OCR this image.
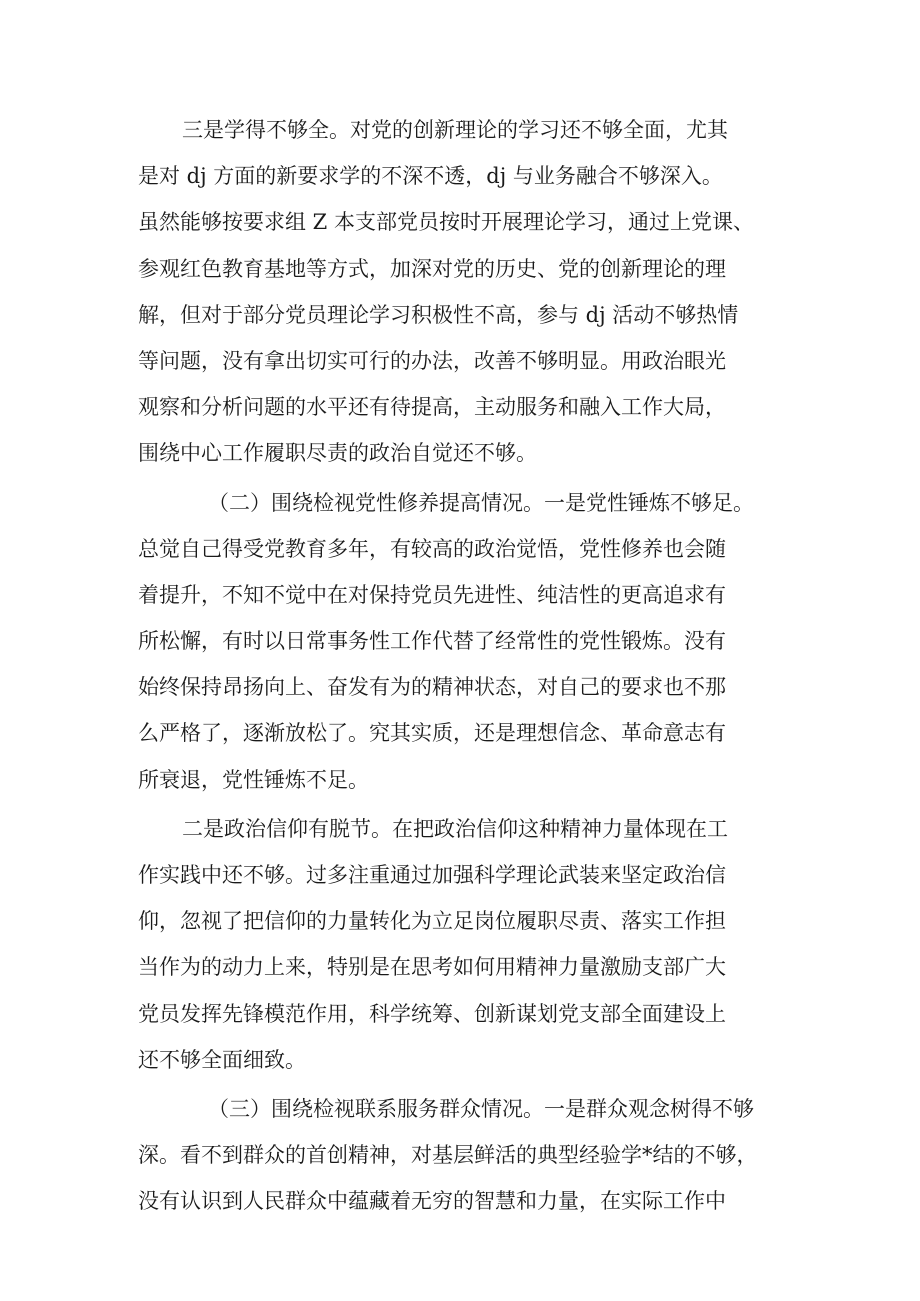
三是学得不够全。对党的创新理论的学习还不够全面，尤其
是对 dj 方面的新要求学的不深不透，dj 与业务融合不够深入。
虽然能够按要求组 Z 本支部党员按时开展理论学习，通过上党课、
参观红色教育基地等方式，加深对党的历史、党的创新理论的理
解，但对于部分党员理论学习积极性不高，参与 dj 活动不够热情
等问题，没有拿出切实可行的办法，改善不够明显。用政治眼光
观察和分析问题的水平还有待提高，主动服务和融入工作大局，
围绕中心工作履职尽责的政治自觉还不够。
（二）围绕检视党性修养提高情况。一是党性锤炼不够足。
总觉自己得受党教育多年，有较高的政治觉悟，党性修养也会随
着提升，不知不觉中在对保持党员先进性、纯洁性的更高追求有
所松懈，有时以日常事务性工作代替了经常性的党性锻炼。没有
始终保持昂扬向上、奋发有为的精神状态，对自己的要求也不那
么严格了，逐渐放松了。究其实质，还是理想信念、革命意志有
所衰退，党性锤炼不足。
二是政治信仰有脱节。在把政治信仰这种精神力量体现在工
作实践中还不够。过多注重通过加强科学理论武装来坚定政治信
仰，忽视了把信仰的力量转化为立足岗位履职尽责、落实工作担
当作为的动力上来，特别是在思考如何用精神力量激励支部广大
党员发挥先锋模范作用，科学统筹、创新谋划党支部全面建设上
还不够全面细致。
（三）围绕检视联系服务群众情况。一是群众观念树得不够
深。看不到群众的首创精神，对基层鲜活的典型经验学*结的不够，
没有认识到人民群众中蕴藏着无穷的智慧和力量，在实际工作中
